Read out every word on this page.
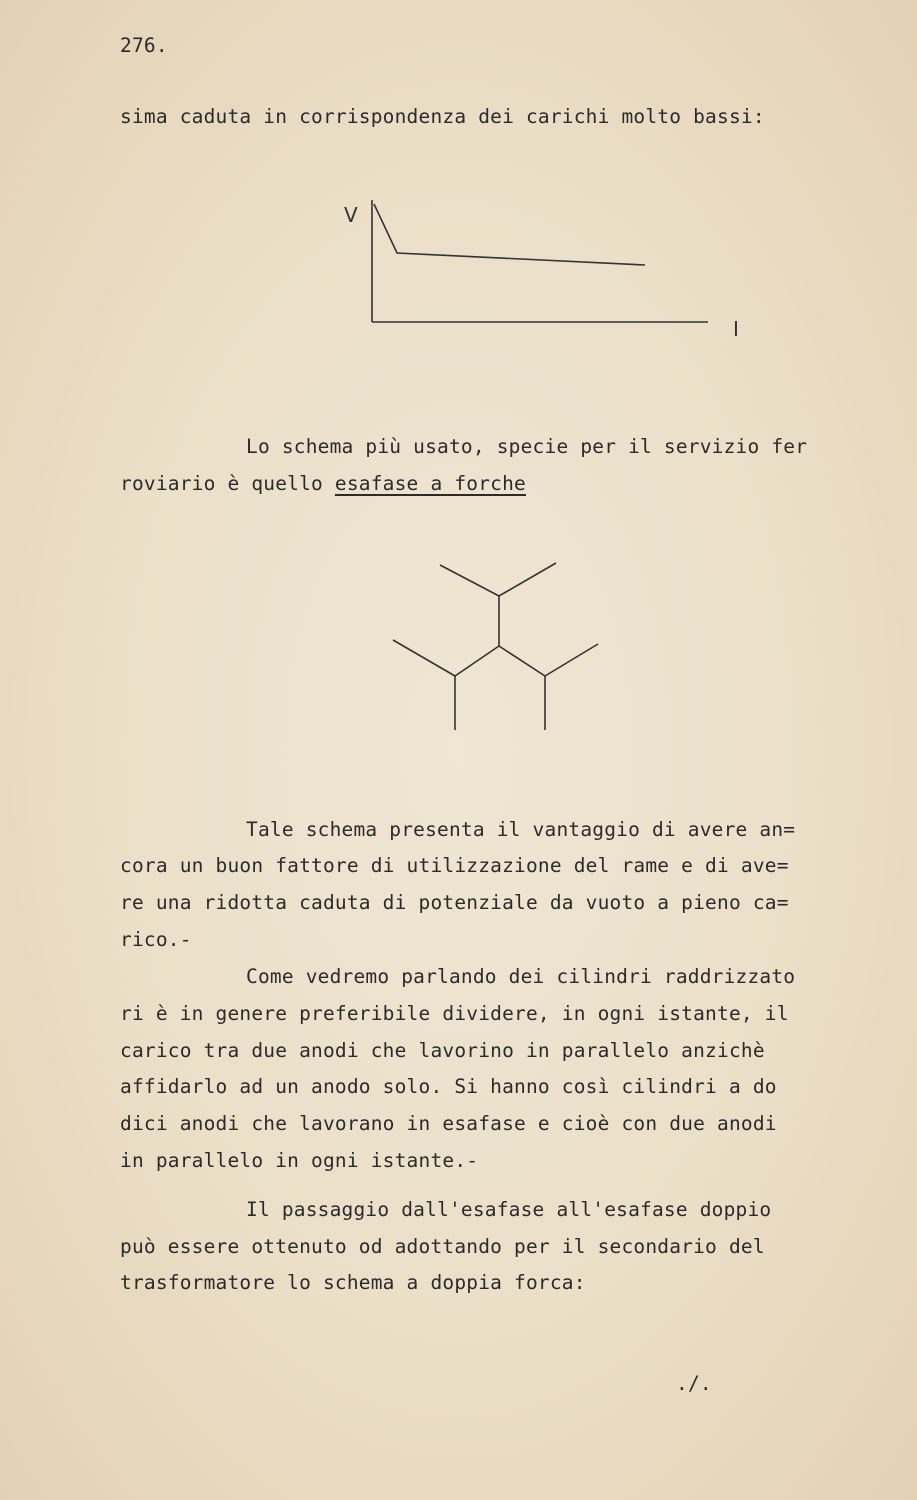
276.
sima caduta in corrispondenza dei carichi molto bassi:
V
I
Lo schema più usato, specie per il servizio fer
roviario è quello esafase a forche
Tale schema presenta il vantaggio di avere an=
cora un buon fattore di utilizzazione del rame e di ave=
re una ridotta caduta di potenziale da vuoto a pieno ca=
rico.-
Come vedremo parlando dei cilindri raddrizzato
ri è in genere preferibile dividere, in ogni istante, il
carico tra due anodi che lavorino in parallelo anzichè
affidarlo ad un anodo solo. Si hanno così cilindri a do
dici anodi che lavorano in esafase e cioè con due anodi
in parallelo in ogni istante.-
Il passaggio dall'esafase all'esafase doppio
può essere ottenuto od adottando per il secondario del
trasformatore lo schema a doppia forca:
./.
